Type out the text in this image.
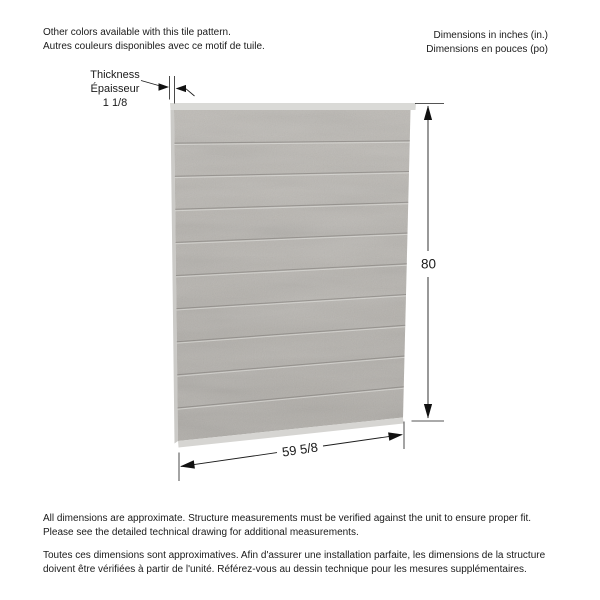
Other colors available with this tile pattern.
Autres couleurs disponibles avec ce motif de tuile.
Dimensions in inches (in.)
Dimensions en pouces (po)
Thickness
Épaisseur
1 1/8
80
59 5/8

All dimensions are approximate. Structure measurements must be verified against the unit to ensure proper fit.
Please see the detailed technical drawing for additional measurements.

Toutes ces dimensions sont approximatives. Afin d'assurer une installation parfaite, les dimensions de la structure
doivent être vérifiées à partir de l'unité. Référez-vous au dessin technique pour les mesures supplémentaires.
